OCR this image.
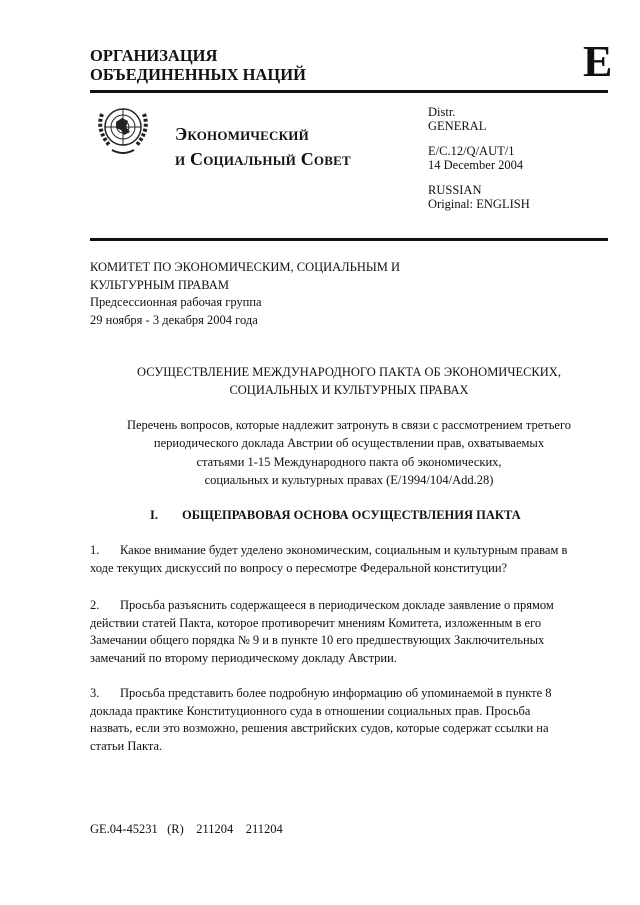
ОРГАНИЗАЦИЯ
ОБЪЕДИНЕННЫХ НАЦИЙ	E
Экономический
и Социальный Совет
Distr.
GENERAL
E/C.12/Q/AUT/1
14 December 2004
RUSSIAN
Original: ENGLISH
КОМИТЕТ ПО ЭКОНОМИЧЕСКИМ, СОЦИАЛЬНЫМ И
КУЛЬТУРНЫМ ПРАВАМ
Предсессионная рабочая группа
29 ноября - 3 декабря 2004 года
ОСУЩЕСТВЛЕНИЕ МЕЖДУНАРОДНОГО ПАКТА ОБ ЭКОНОМИЧЕСКИХ,
СОЦИАЛЬНЫХ И КУЛЬТУРНЫХ ПРАВАХ
Перечень вопросов, которые надлежит затронуть в связи с рассмотрением третьего
периодического доклада Австрии об осуществлении прав, охватываемых
статьями 1-15 Международного пакта об экономических,
социальных и культурных правах (E/1994/104/Add.28)
I. ОБЩЕПРАВОВАЯ ОСНОВА ОСУЩЕСТВЛЕНИЯ ПАКТА
1. Какое внимание будет уделено экономическим, социальным и культурным правам в
ходе текущих дискуссий по вопросу о пересмотре Федеральной конституции?
2. Просьба разъяснить содержащееся в периодическом докладе заявление о прямом
действии статей Пакта, которое противоречит мнениям Комитета, изложенным в его
Замечании общего порядка № 9 и в пункте 10 его предшествующих Заключительных
замечаний по второму периодическому докладу Австрии.
3. Просьба представить более подробную информацию об упоминаемой в пункте 8
доклада практике Конституционного суда в отношении социальных прав. Просьба
назвать, если это возможно, решения австрийских судов, которые содержат ссылки на
статьи Пакта.
GE.04-45231   (R)    211204    211204
